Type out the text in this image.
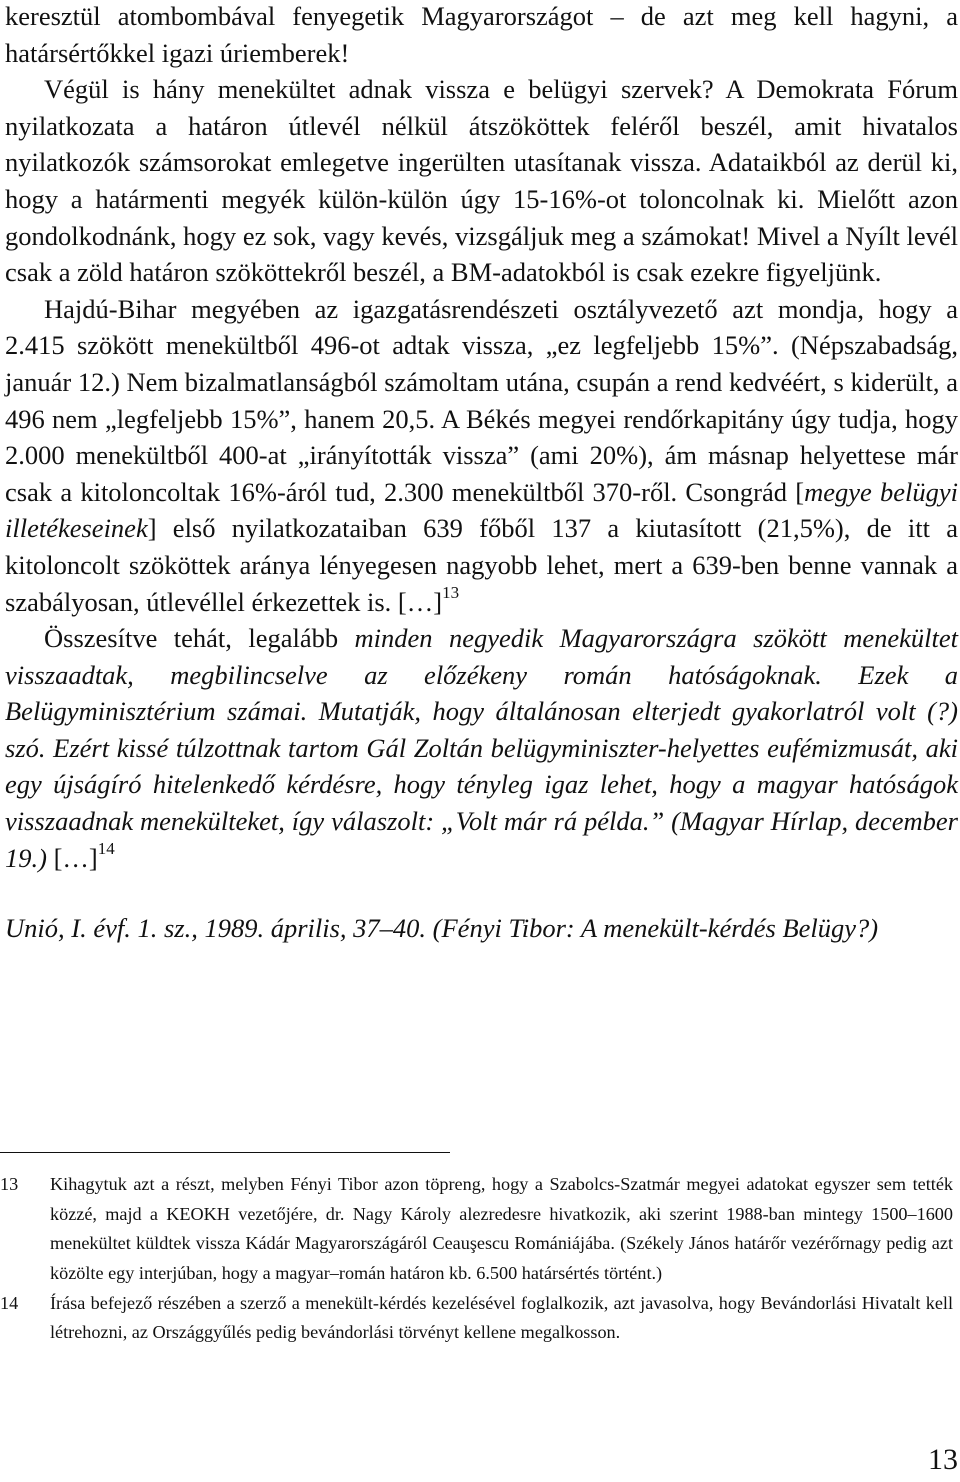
keresztül atombombával fenyegetik Magyarországot – de azt meg kell hagyni, a határsértőkkel igazi úriemberek!

Végül is hány menekültet adnak vissza e belügyi szervek? A Demokrata Fórum nyilatkozata a határon útlevél nélkül átszököttek feléről beszél, amit hivatalos nyilatkozók számsorokat emlegetve ingerülten utasítanak vissza. Adataikból az derül ki, hogy a határmenti megyék külön-külön úgy 15-16%-ot toloncolnak ki. Mielőtt azon gondolkodnánk, hogy ez sok, vagy kevés, vizsgáljuk meg a számokat! Mivel a Nyílt levél csak a zöld határon szököttekről beszél, a BM-adatokból is csak ezekre figyeljünk.

Hajdú-Bihar megyében az igazgatásrendészeti osztályvezető azt mondja, hogy a 2.415 szökött menekültből 496-ot adtak vissza, „ez legfeljebb 15%”. (Népszabadság, január 12.) Nem bizalmatlanságból számoltam utána, csupán a rend kedvéért, s kiderült, a 496 nem „legfeljebb 15%”, hanem 20,5. A Békés megyei rendőrkapitány úgy tudja, hogy 2.000 menekültből 400-at „irányították vissza” (ami 20%), ám másnap helyettese már csak a kitoloncoltak 16%-áról tud, 2.300 menekültből 370-ről. Csongrád [megye belügyi illetékeseinek] első nyilatkozataiban 639 főből 137 a kiutasított (21,5%), de itt a kitoloncolt szököttek aránya lényegesen nagyobb lehet, mert a 639-ben benne vannak a szabályosan, útlevéllel érkezettek is. […]$^{13}$

Összesítve tehát, legalább minden negyedik Magyarországra szökött menekültet visszaadtak, megbilincselve az előzékeny román hatóságoknak. Ezek a Belügyminisztérium számai. Mutatják, hogy általánosan elterjedt gyakorlatról volt (?) szó. Ezért kissé túlzottnak tartom Gál Zoltán belügyminiszter-helyettes eufémizmusát, aki egy újságíró hitelenkedő kérdésre, hogy tényleg igaz lehet, hogy a magyar hatóságok visszaadnak menekülteket, így válaszolt: „Volt már rá példa.” (Magyar Hírlap, december 19.) […]$^{14}$

Unió, I. évf. 1. sz., 1989. április, 37–40. (Fényi Tibor: A menekült-kérdés Belügy?)

13 Kihagytuk azt a részt, melyben Fényi Tibor azon töpreng, hogy a Szabolcs-Szatmár megyei adatokat egyszer sem tették közzé, majd a KEOKH vezetőjére, dr. Nagy Károly alezredesre hivatkozik, aki szerint 1988-ban mintegy 1500–1600 menekültet küldtek vissza Kádár Magyarországáról Ceauşescu Romániájába. (Székely János határőr vezérőrnagy pedig azt közölte egy interjúban, hogy a magyar–román határon kb. 6.500 határsértés történt.)

14 Írása befejező részében a szerző a menekült-kérdés kezelésével foglalkozik, azt javasolva, hogy Bevándorlási Hivatalt kell létrehozni, az Országgyűlés pedig bevándorlási törvényt kellene megalkosson.

13
